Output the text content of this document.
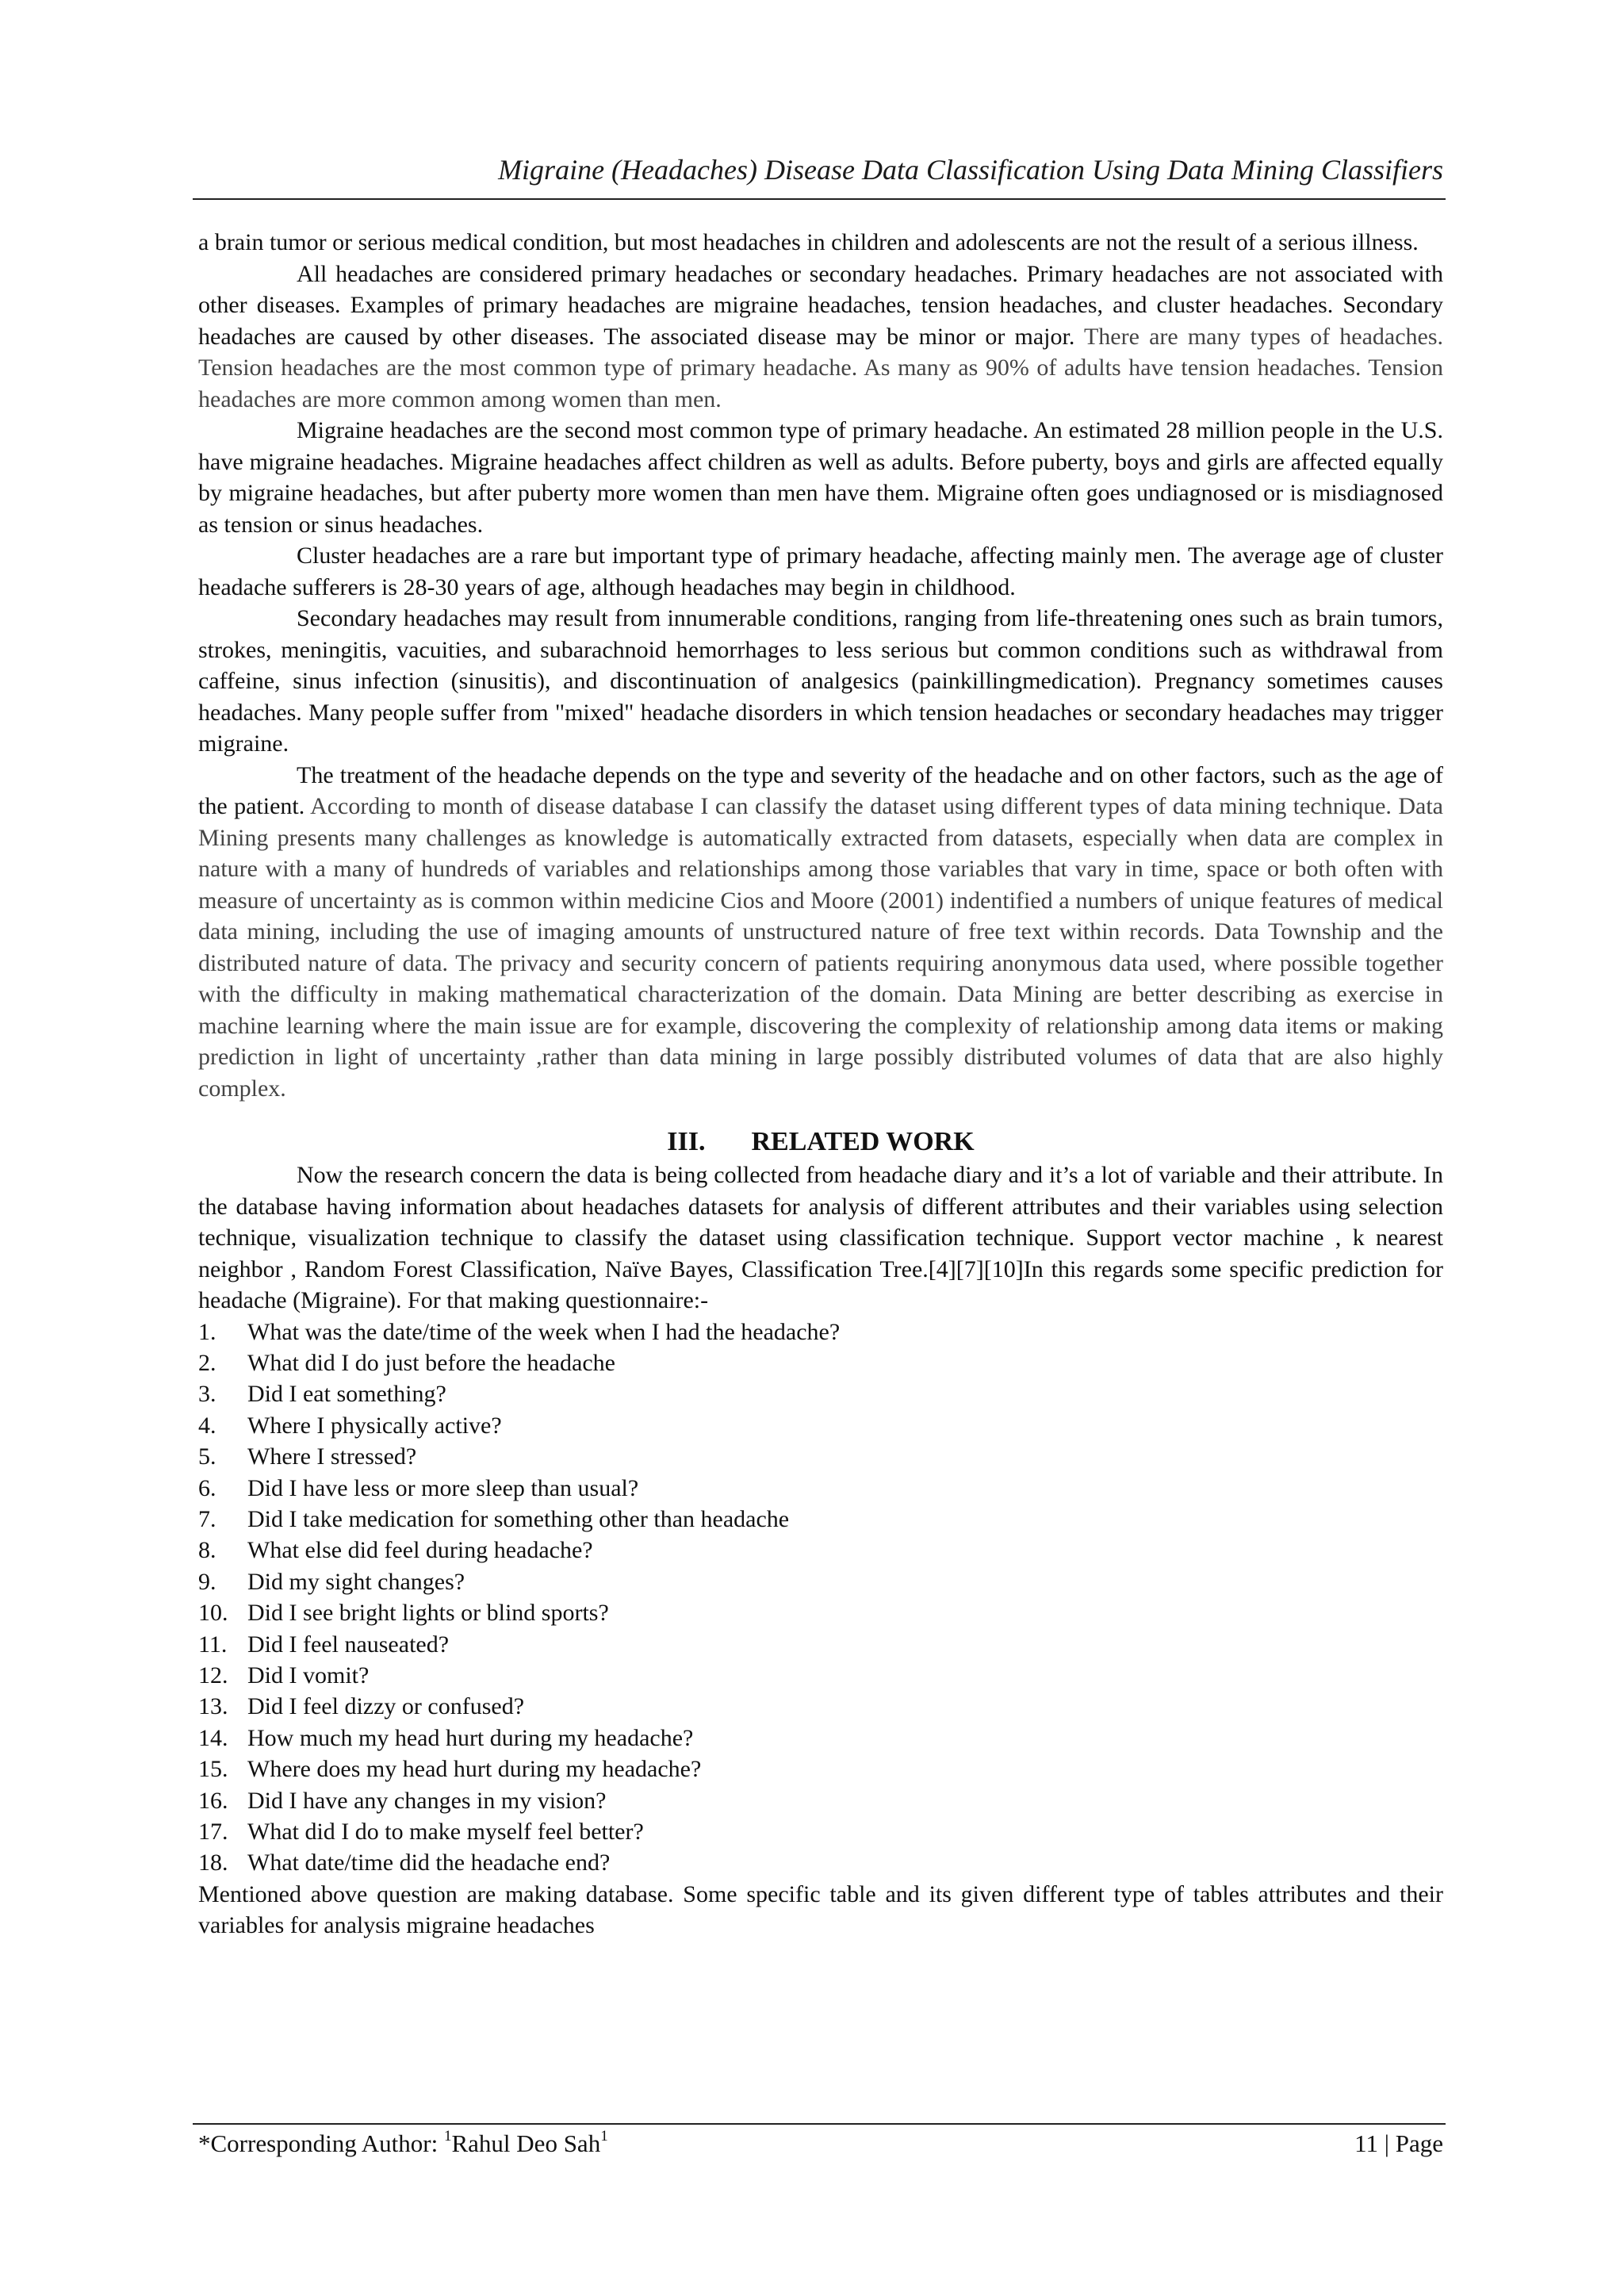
Migraine (Headaches) Disease Data Classification Using Data Mining Classifiers

a brain tumor or serious medical condition, but most headaches in children and adolescents are not the result of a serious illness.

All headaches are considered primary headaches or secondary headaches. Primary headaches are not associated with other diseases. Examples of primary headaches are migraine headaches, tension headaches, and cluster headaches. Secondary headaches are caused by other diseases. The associated disease may be minor or major. There are many types of headaches. Tension headaches are the most common type of primary headache. As many as 90% of adults have tension headaches. Tension headaches are more common among women than men.

Migraine headaches are the second most common type of primary headache. An estimated 28 million people in the U.S. have migraine headaches. Migraine headaches affect children as well as adults. Before puberty, boys and girls are affected equally by migraine headaches, but after puberty more women than men have them. Migraine often goes undiagnosed or is misdiagnosed as tension or sinus headaches.

Cluster headaches are a rare but important type of primary headache, affecting mainly men. The average age of cluster headache sufferers is 28-30 years of age, although headaches may begin in childhood.

Secondary headaches may result from innumerable conditions, ranging from life-threatening ones such as brain tumors, strokes, meningitis, vacuities, and subarachnoid hemorrhages to less serious but common conditions such as withdrawal from caffeine, sinus infection (sinusitis), and discontinuation of analgesics (painkillingmedication). Pregnancy sometimes causes headaches. Many people suffer from "mixed" headache disorders in which tension headaches or secondary headaches may trigger migraine.

The treatment of the headache depends on the type and severity of the headache and on other factors, such as the age of the patient. According to month of disease database I can classify the dataset using different types of data mining technique. Data Mining presents many challenges as knowledge is automatically extracted from datasets, especially when data are complex in nature with a many of hundreds of variables and relationships among those variables that vary in time, space or both often with measure of uncertainty as is common within medicine Cios and Moore (2001) indentified a numbers of unique features of medical data mining, including the use of imaging amounts of unstructured nature of free text within records. Data Township and the distributed nature of data. The privacy and security concern of patients requiring anonymous data used, where possible together with the difficulty in making mathematical characterization of the domain. Data Mining are better describing as exercise in machine learning where the main issue are for example, discovering the complexity of relationship among data items or making prediction in light of uncertainty ,rather than data mining in large possibly distributed volumes of data that are also highly complex.

III. RELATED WORK

Now the research concern the data is being collected from headache diary and it’s a lot of variable and their attribute. In the database having information about headaches datasets for analysis of different attributes and their variables using selection technique, visualization technique to classify the dataset using classification technique. Support vector machine , k nearest neighbor , Random Forest Classification, Naïve Bayes, Classification Tree.[4][7][10]In this regards some specific prediction for headache (Migraine). For that making questionnaire:-

1.	What was the date/time of the week when I had the headache?
2.	What did I do just before the headache
3.	Did I eat something?
4.	Where I physically active?
5.	Where I stressed?
6.	Did I have less or more sleep than usual?
7.	Did I take medication for something other than headache
8.	What else did feel during headache?
9.	Did my sight changes?
10. Did I see bright lights or blind sports?
11. Did I feel nauseated?
12. Did I vomit?
13. Did I feel dizzy or confused?
14. How much my head hurt during my headache?
15. Where does my head hurt during my headache?
16. Did I have any changes in my vision?
17. What did I do to make myself feel better?
18. What date/time did the headache end?

Mentioned above question are making database. Some specific table and its given different type of tables attributes and their variables for analysis migraine headaches

*Corresponding Author: $^1$Rahul Deo Sah$^1$	11 | Page
